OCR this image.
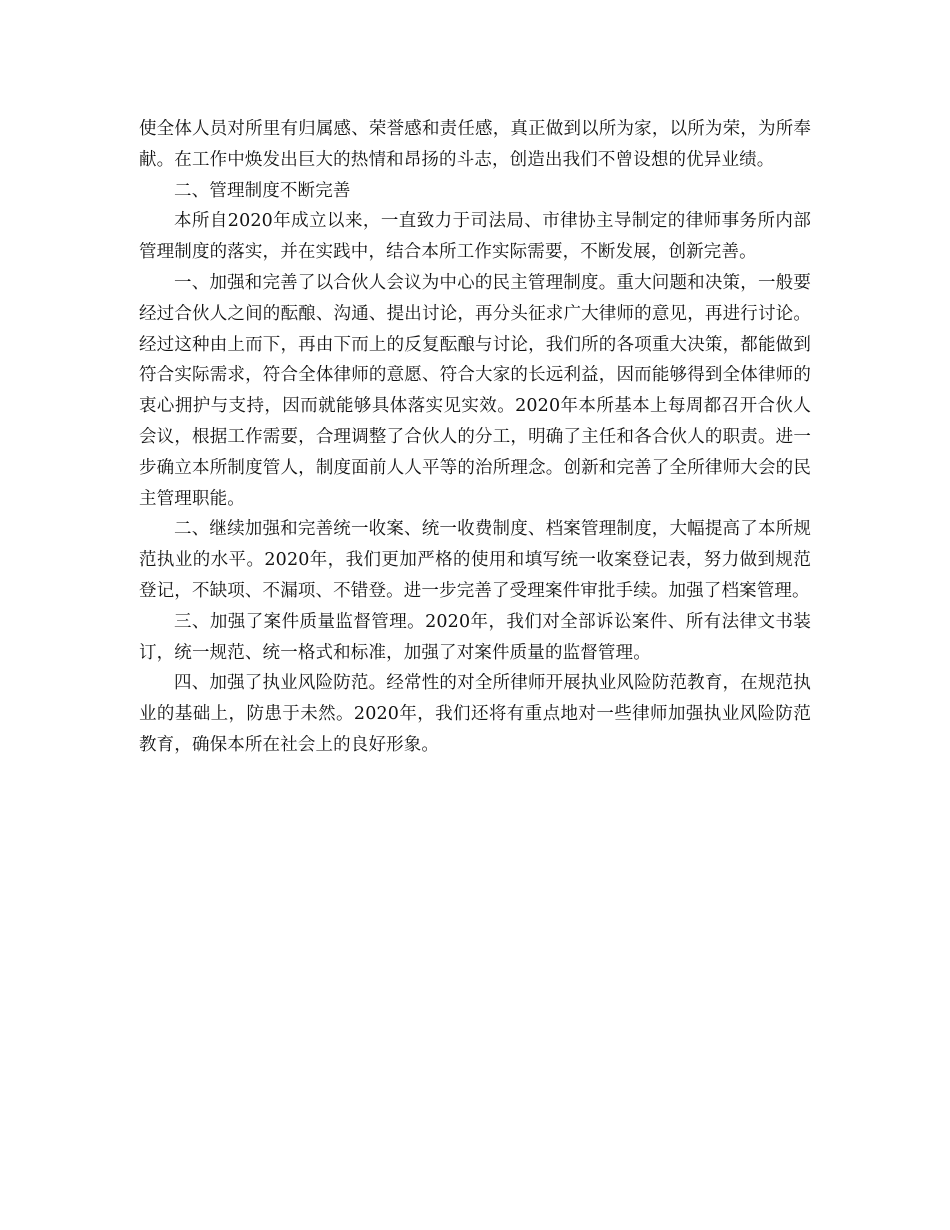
使全体人员对所里有归属感、荣誉感和责任感，真正做到以所为家，以所为荣，为所奉献。在工作中焕发出巨大的热情和昂扬的斗志，创造出我们不曾设想的优异业绩。

二、管理制度不断完善

本所自2020年成立以来，一直致力于司法局、市律协主导制定的律师事务所内部管理制度的落实，并在实践中，结合本所工作实际需要，不断发展，创新完善。

一、加强和完善了以合伙人会议为中心的民主管理制度。重大问题和决策，一般要经过合伙人之间的酝酿、沟通、提出讨论，再分头征求广大律师的意见，再进行讨论。经过这种由上而下，再由下而上的反复酝酿与讨论，我们所的各项重大决策，都能做到符合实际需求，符合全体律师的意愿、符合大家的长远利益，因而能够得到全体律师的衷心拥护与支持，因而就能够具体落实见实效。2020年本所基本上每周都召开合伙人会议，根据工作需要，合理调整了合伙人的分工，明确了主任和各合伙人的职责。进一步确立本所制度管人，制度面前人人平等的治所理念。创新和完善了全所律师大会的民主管理职能。

二、继续加强和完善统一收案、统一收费制度、档案管理制度，大幅提高了本所规范执业的水平。2020年，我们更加严格的使用和填写统一收案登记表，努力做到规范登记，不缺项、不漏项、不错登。进一步完善了受理案件审批手续。加强了档案管理。

三、加强了案件质量监督管理。2020年，我们对全部诉讼案件、所有法律文书装订，统一规范、统一格式和标准，加强了对案件质量的监督管理。

四、加强了执业风险防范。经常性的对全所律师开展执业风险防范教育，在规范执业的基础上，防患于未然。2020年，我们还将有重点地对一些律师加强执业风险防范教育，确保本所在社会上的良好形象。
